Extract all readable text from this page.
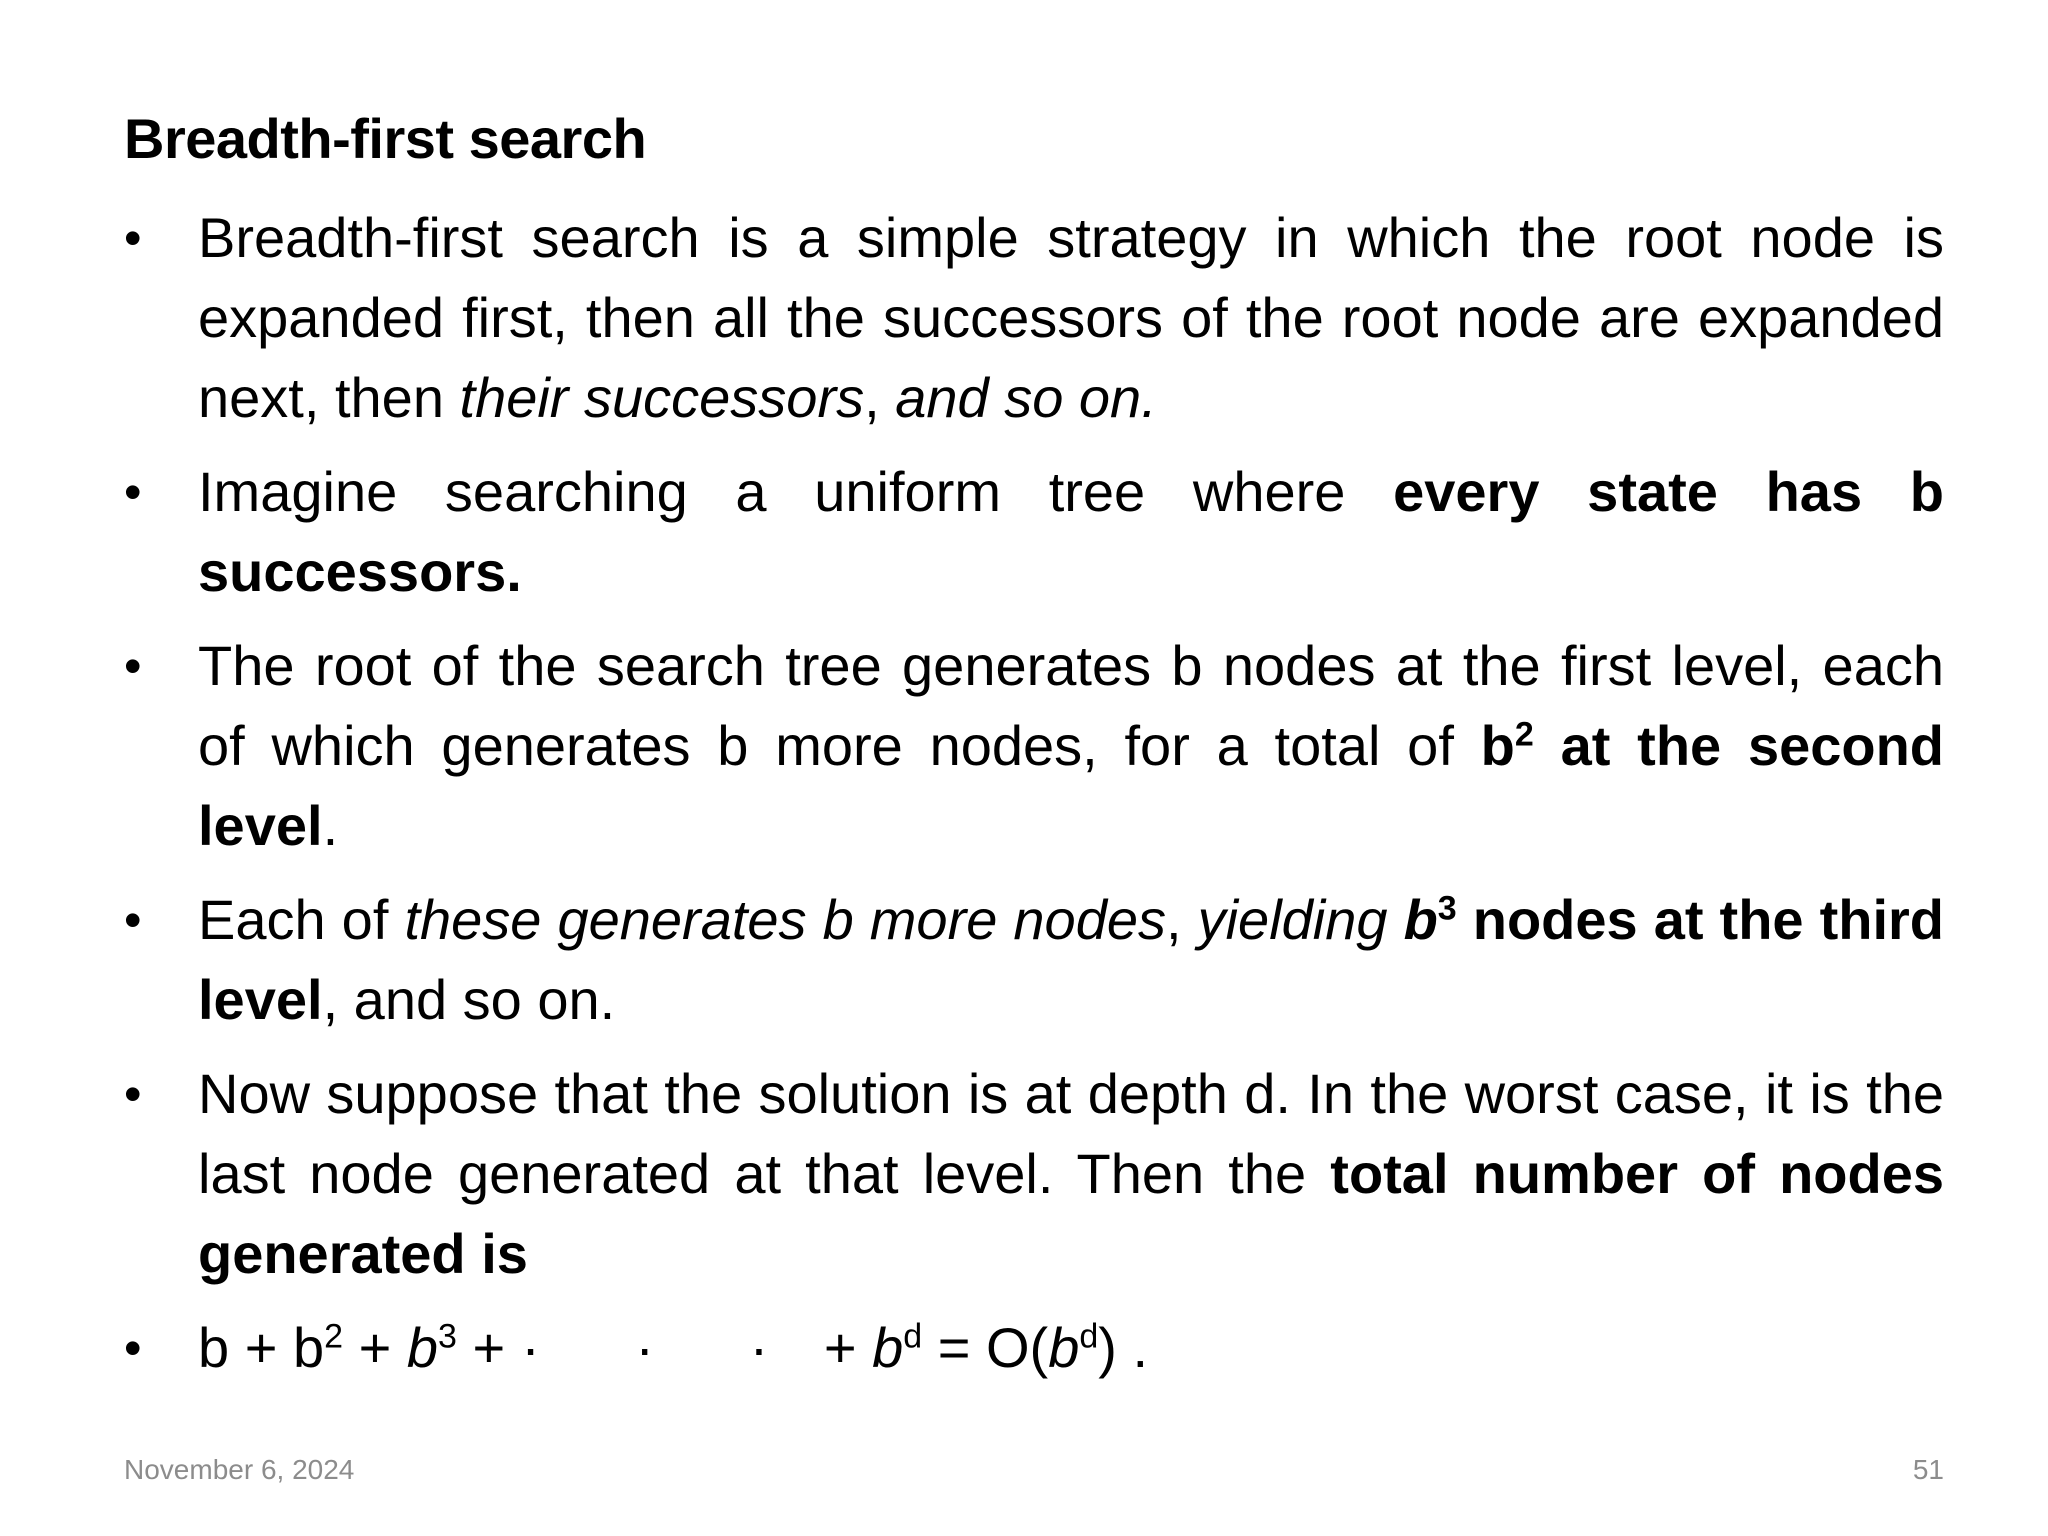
Breadth-first search
• Breadth-first search is a simple strategy in which the root node is expanded first, then all the successors of the root node are expanded next, then their successors, and so on.
• Imagine searching a uniform tree where every state has b successors.
• The root of the search tree generates b nodes at the first level, each of which generates b more nodes, for a total of $b^2$ at the second level.
• Each of these generates b more nodes, yielding $b^3$ nodes at the third level, and so on.
• Now suppose that the solution is at depth d. In the worst case, it is the last node generated at that level. Then the total number of nodes generated is
• $b + b^2 + b^3$ + · · · + $b^d = O(b^d)$ .
November 6, 2024	51
